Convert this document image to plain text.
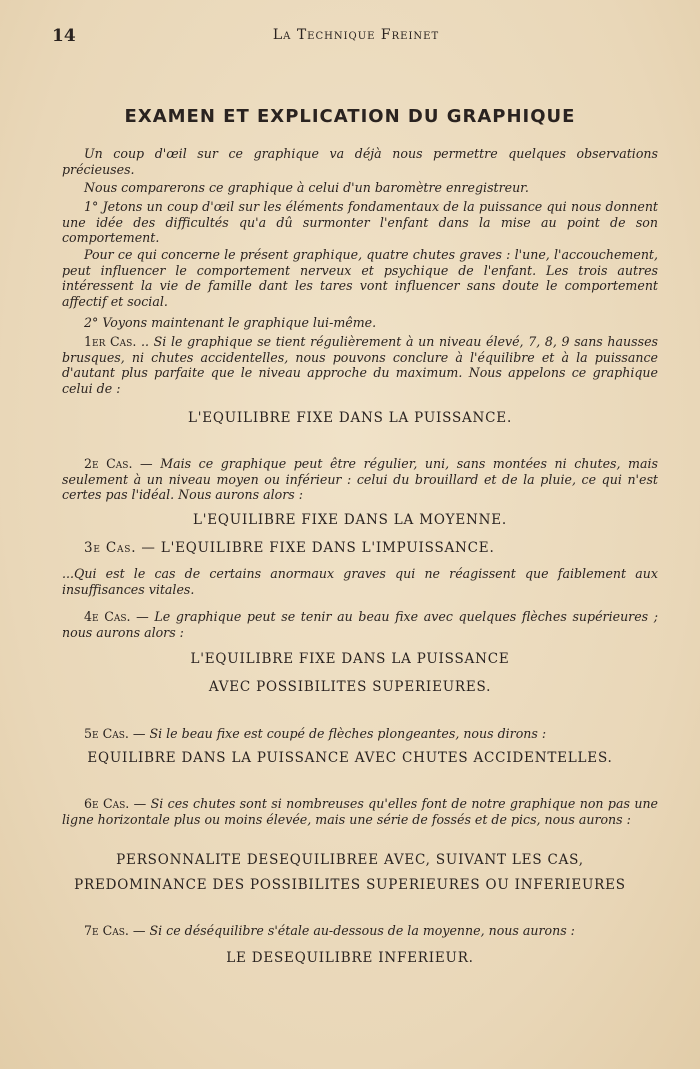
14	La Technique Freinet
EXAMEN ET EXPLICATION DU GRAPHIQUE

Un coup d'œil sur ce graphique va déjà nous permettre quelques observations précieuses.

Nous comparerons ce graphique à celui d'un baromètre enregistreur.

1° Jetons un coup d'œil sur les éléments fondamentaux de la puissance qui nous donnent une idée des difficultés qu'a dû surmonter l'enfant dans la mise au point de son comportement.

Pour ce qui concerne le présent graphique, quatre chutes graves : l'une, l'accouchement, peut influencer le comportement nerveux et psychique de l'enfant. Les trois autres intéressent la vie de famille dant les tares vont influencer sans doute le comportement affectif et social.

2° Voyons maintenant le graphique lui-même.

1er Cas. .. Si le graphique se tient régulièrement à un niveau élevé, 7, 8, 9 sans hausses brusques, ni chutes accidentelles, nous pouvons conclure à l'équilibre et à la puissance d'autant plus parfaite que le niveau approche du maximum. Nous appelons ce graphique celui de :

L'EQUILIBRE FIXE DANS LA PUISSANCE.

2e Cas. — Mais ce graphique peut être régulier, uni, sans montées ni chutes, mais seulement à un niveau moyen ou inférieur : celui du brouillard et de la pluie, ce qui n'est certes pas l'idéal. Nous aurons alors :

L'EQUILIBRE FIXE DANS LA MOYENNE.

3e Cas. — L'EQUILIBRE FIXE DANS L'IMPUISSANCE.

...Qui est le cas de certains anormaux graves qui ne réagissent que faiblement aux insuffisances vitales.

4e Cas. — Le graphique peut se tenir au beau fixe avec quelques flèches supérieures ; nous aurons alors :

L'EQUILIBRE FIXE DANS LA PUISSANCE

AVEC POSSIBILITES SUPERIEURES.

5e Cas. — Si le beau fixe est coupé de flèches plongeantes, nous dirons :

EQUILIBRE DANS LA PUISSANCE AVEC CHUTES ACCIDENTELLES.

6e Cas. — Si ces chutes sont si nombreuses qu'elles font de notre graphique non pas une ligne horizontale plus ou moins élevée, mais une série de fossés et de pics, nous aurons :

PERSONNALITE DESEQUILIBREE AVEC, SUIVANT LES CAS,

PREDOMINANCE DES POSSIBILITES SUPERIEURES OU INFERIEURES

7e Cas. — Si ce déséquilibre s'étale au-dessous de la moyenne, nous aurons :

LE DESEQUILIBRE INFERIEUR.
